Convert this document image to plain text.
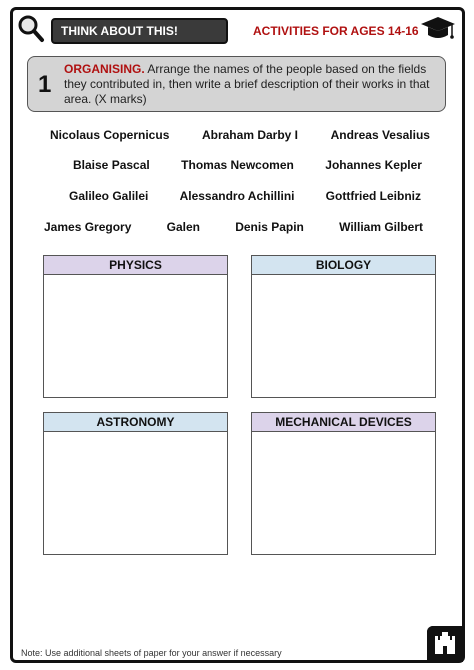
THINK ABOUT THIS!	ACTIVITIES FOR AGES 14-16
1
ORGANISING. Arrange the names of the people based on the fields they contributed in, then write a brief description of their works in that area. (X marks)
Nicolaus Copernicus	Abraham Darby I	Andreas Vesalius
Blaise Pascal	Thomas Newcomen	Johannes Kepler
Galileo Galilei	Alessandro Achillini	Gottfried Leibniz
James Gregory	Galen	Denis Papin	William Gilbert
PHYSICS	BIOLOGY
ASTRONOMY	MECHANICAL DEVICES
Note: Use additional sheets of paper for your answer if necessary
